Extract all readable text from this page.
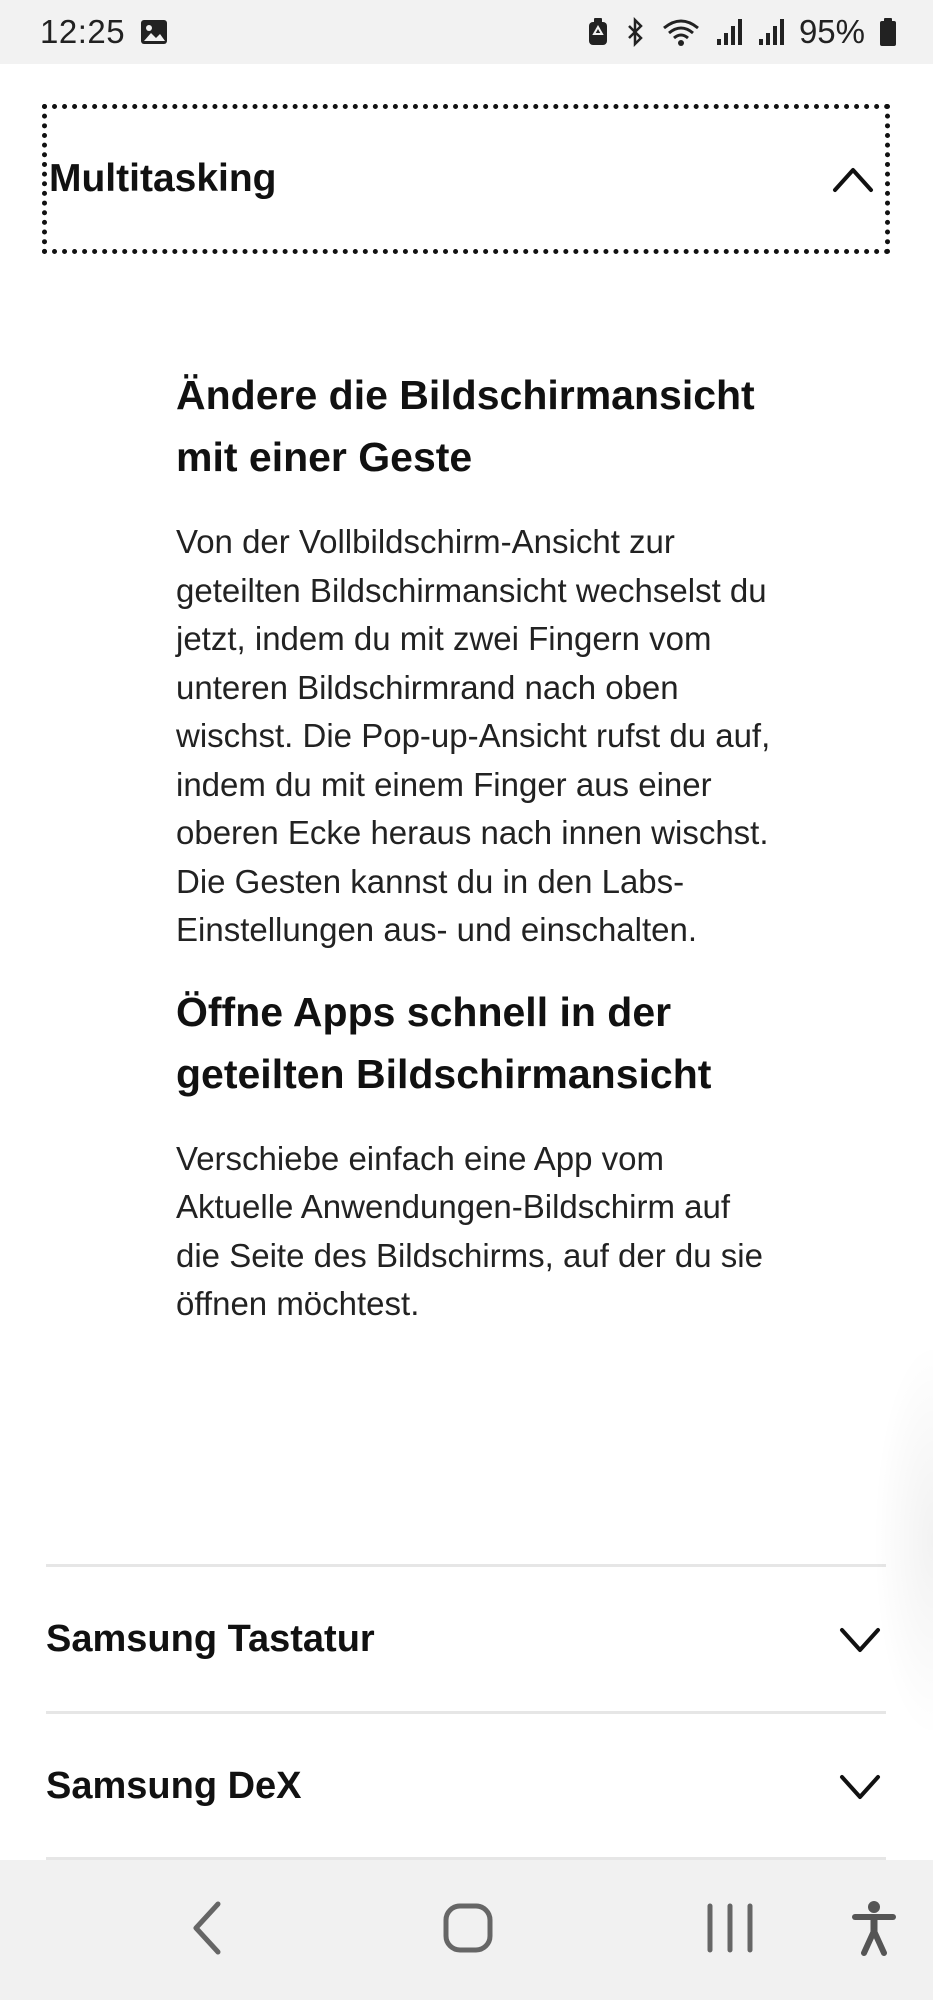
12:25	95%
Multitasking
Ändere die Bildschirmansicht mit einer Geste

Von der Vollbildschirm-Ansicht zur geteilten Bildschirmansicht wechselst du jetzt, indem du mit zwei Fingern vom unteren Bildschirmrand nach oben wischst. Die Pop-up-Ansicht rufst du auf, indem du mit einem Finger aus einer oberen Ecke heraus nach innen wischst. Die Gesten kannst du in den Labs-Einstellungen aus- und einschalten.

Öffne Apps schnell in der geteilten Bildschirmansicht

Verschiebe einfach eine App vom Aktuelle Anwendungen-Bildschirm auf die Seite des Bildschirms, auf der du sie öffnen möchtest.

Samsung Tastatur
Samsung DeX
